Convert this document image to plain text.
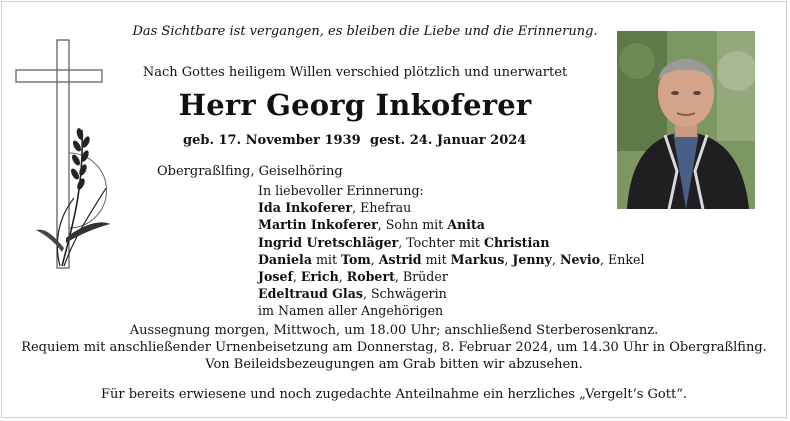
Das Sichtbare ist vergangen, es bleiben die Liebe und die Erinnerung.
Nach Gottes heiligem Willen verschied plötzlich und unerwartet
Herr Georg Inkoferer
geb. 17. November 1939 gest. 24. Januar 2024
Obergraßlfing, Geiselhöring
In liebevoller Erinnerung:
Ida Inkoferer, Ehefrau
Martin Inkoferer, Sohn mit Anita
Ingrid Uretschläger, Tochter mit Christian
Daniela mit Tom, Astrid mit Markus, Jenny, Nevio, Enkel
Josef, Erich, Robert, Brüder
Edeltraud Glas, Schwägerin
im Namen aller Angehörigen
Aussegnung morgen, Mittwoch, um 18.00 Uhr; anschließend Sterberosenkranz.
Requiem mit anschließender Urnenbeisetzung am Donnerstag, 8. Februar 2024, um 14.30 Uhr in Obergraßlfing.
Von Beileidsbezeugungen am Grab bitten wir abzusehen.
Für bereits erwiesene und noch zugedachte Anteilnahme ein herzliches „Vergelt‘s Gott“.
